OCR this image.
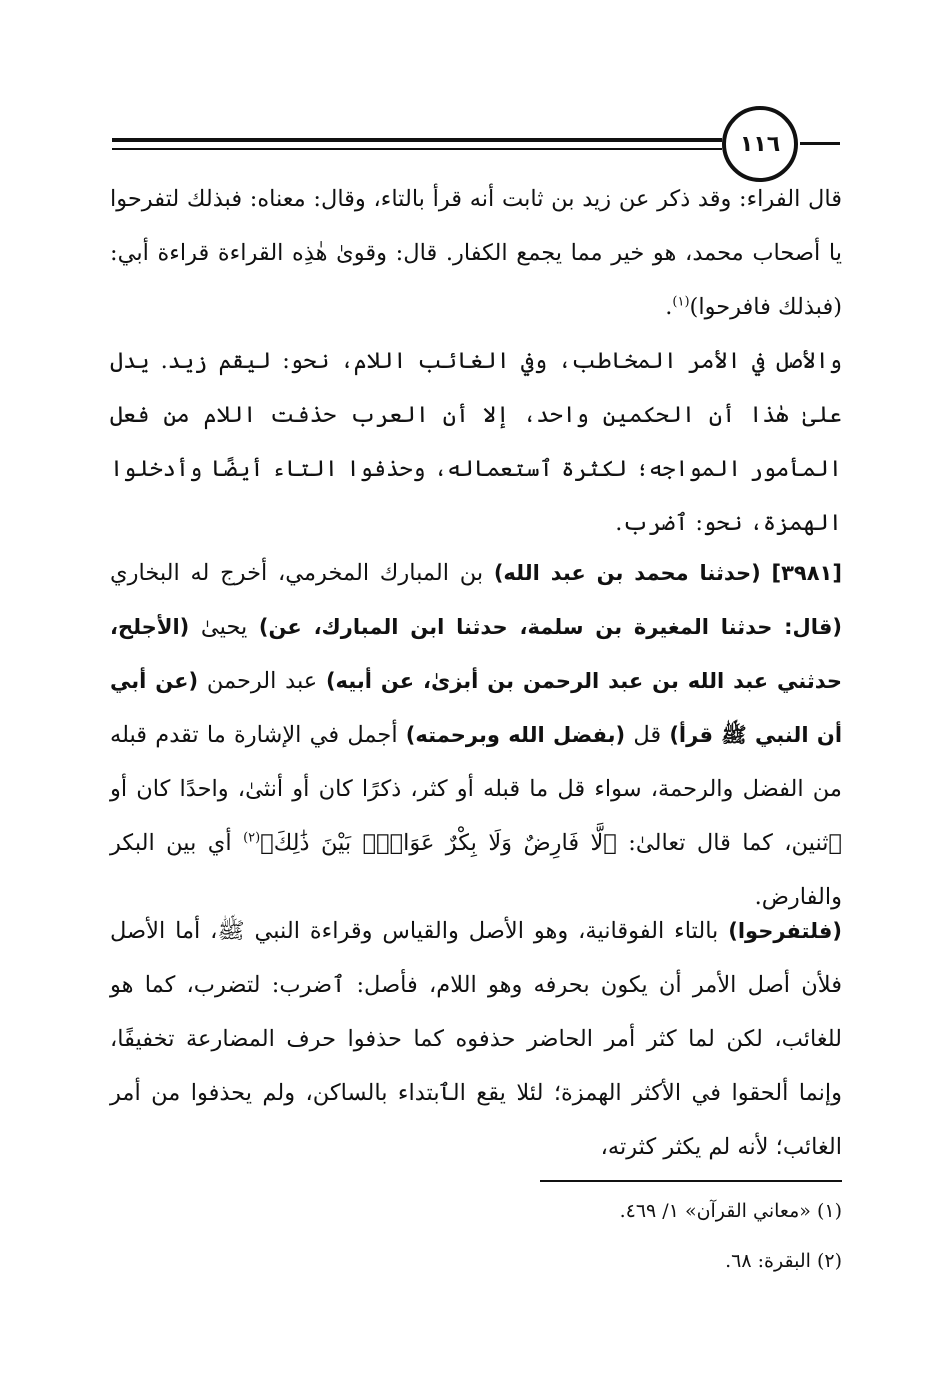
١١٦

قال الفراء: وقد ذكر عن زيد بن ثابت أنه قرأ بالتاء، وقال: معناه: فبذلك لتفرحوا يا أصحاب محمد، هو خير مما يجمع الكفار. قال: وقوىٰ هٰذِه القراءة قراءة أبي: (فبذلك فافرحوا)$^{(١)}$.

والأصل في الأمر المخاطب، وفي الغائب اللام، نحو: ليقم زيد. يدل علىٰ هٰذا أن الحكمين واحد، إلا أن العرب حذفت اللام من فعل المأمور المواجه؛ لكثرة ٱستعماله، وحذفوا التاء أيضًا وأدخلوا الهمزة، نحو: ٱضرب.

[٣٩٨١] (حدثنا محمد بن عبد الله) بن المبارك المخرمي، أخرج له البخاري (قال: حدثنا المغيرة بن سلمة، حدثنا ابن المبارك، عن) يحيىٰ (الأجلح، حدثني عبد الله بن عبد الرحمن بن أبزىٰ، عن أبيه) عبد الرحمن (عن أبي أن النبي ﷺ قرأ) قل (بفضل الله وبرحمته) أجمل في الإشارة ما تقدم قبله من الفضل والرحمة، سواء قل ما قبله أو كثر، ذكرًا كان أو أنثىٰ، واحدًا كان أو ٱثنين، كما قال تعالىٰ: ﴿لَّا فَارِضٌ وَلَا بِكْرٌ عَوَانٌۢ بَيْنَ ذَٰلِكَ﴾$^{(٢)}$ أي بين البكر والفارض.

(فلتفرحوا) بالتاء الفوقانية، وهو الأصل والقياس وقراءة النبي ﷺ، أما الأصل فلأن أصل الأمر أن يكون بحرفه وهو اللام، فأصل: ٱضرب: لتضرب، كما هو للغائب، لكن لما كثر أمر الحاضر حذفوه كما حذفوا حرف المضارعة تخفيفًا، وإنما ألحقوا في الأكثر الهمزة؛ لئلا يقع الٱبتداء بالساكن، ولم يحذفوا من أمر الغائب؛ لأنه لم يكثر كثرته،

(١) «معاني القرآن» ١/ ٤٦٩.
(٢) البقرة: ٦٨.
